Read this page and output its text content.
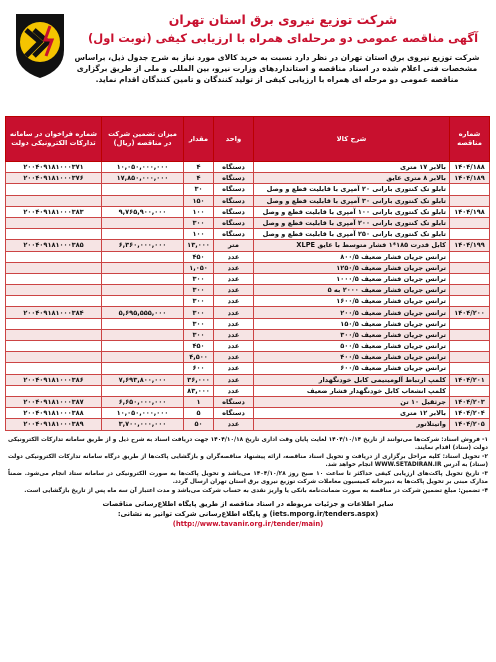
شرکت توزیع نیروی برق استان تهران
آگهی مناقصه عمومی دو مرحله‌ای همراه با ارزیابی کیفی (نوبت اول)
شرکت توزیع نیروی برق استان تهران در نظر دارد نسبت به خرید کالای مورد نیاز به شرح جدول ذیل، براساس مشخصات فنی اعلام شده در اسناد مناقصه و استانداردهای وزارت نیرو، بین المللی و ملی از طریق برگزاری مناقصه عمومی دو مرحله ای همراه با ارزیابی کیفی از تولید کنندگان و تامین کنندگان اقدام نماید.
شماره مناقصه	شرح کالا	واحد	مقدار	میزان تضمین شرکت در مناقصه (ریال)	شماره فراخوان در سامانه تدارکات الکترونیکی دولت
۱۴۰۴/۱۸۸	بالابر ۱۷ متری	دستگاه	۴	۱۰,۰۵۰,۰۰۰,۰۰۰	۲۰۰۴۰۹۱۸۱۰۰۰۳۷۱
۱۴۰۴/۱۸۹	بالابر ۸ متری عایق	دستگاه	۴	۱۷,۸۵۰,۰۰۰,۰۰۰	۲۰۰۴۰۹۱۸۱۰۰۰۳۷۶
	تابلو تک کنتوری بارانی ۲۰ آمپری با قابلیت قطع و وصل	دستگاه	۳۰		
	تابلو تک کنتوری بارانی ۳۰ آمپری با قابلیت قطع و وصل	دستگاه	۱۵۰		
۱۴۰۴/۱۹۸	تابلو تک کنتوری بارانی ۱۰۰ آمپری با قابلیت قطع و وصل	دستگاه	۱۰۰	۹,۷۶۵,۹۰۰,۰۰۰	۲۰۰۴۰۹۱۸۱۰۰۰۳۸۳
	تابلو تک کنتوری بارانی ۲۰۰ آمپری با قابلیت قطع و وصل	دستگاه	۳۰۰		
	تابلو تک کنتوری بارانی ۲۵۰ آمپری با قابلیت قطع و وصل	دستگاه	۱۰۰		
۱۴۰۴/۱۹۹	کابل قدرت ۱۸۵*۱ فشار متوسط با عایق XLPE	متر	۱۳,۰۰۰	۶,۳۶۰,۰۰۰,۰۰۰	۲۰۰۴۰۹۱۸۱۰۰۰۳۸۵
	ترانس جریان فشار ضعیف ۸۰۰/۵	عدد	۴۵۰		
	ترانس جریان فشار ضعیف ۱۲۵۰/۵	عدد	۱,۰۵۰		
	ترانس جریان فشار ضعیف ۱۰۰۰/۵	عدد	۳۰۰		
	ترانس جریان فشار ضعیف ۲۰۰۰ به ۵	عدد	۳۰۰		
	ترانس جریان فشار ضعیف ۱۶۰۰/۵	عدد	۳۰۰		
۱۴۰۴/۲۰۰	ترانس جریان فشار ضعیف ۲۰۰/۵	عدد	۳۰۰	۵,۶۹۵,۵۵۵,۰۰۰	۲۰۰۴۰۹۱۸۱۰۰۰۳۸۴
	ترانس جریان فشار ضعیف ۱۵۰/۵	عدد	۳۰۰		
	ترانس جریان فشار ضعیف ۳۰۰/۵	عدد	۳۰۰		
	ترانس جریان فشار ضعیف ۵۰۰/۵	عدد	۴۵۰		
	ترانس جریان فشار ضعیف ۴۰۰/۵	عدد	۴,۵۰۰		
	ترانس جریان فشار ضعیف ۶۰۰/۵	عدد	۶۰۰		
۱۴۰۴/۲۰۱	کلمپ ارتباط آلومینیمی کابل خودنگهدار	عدد	۳۶,۰۰۰	۷,۶۹۳,۸۰۰,۰۰۰	۲۰۰۴۰۹۱۸۱۰۰۰۳۸۶
	کلمپ انشعاب کابل خودنگهدار فشار ضعیف	عدد	۸۳,۰۰۰		
۱۴۰۴/۲۰۳	جرثقیل ۱۰ تن	دستگاه	۱	۶,۶۵۰,۰۰۰,۰۰۰	۲۰۰۴۰۹۱۸۱۰۰۰۳۸۷
۱۴۰۴/۲۰۴	بالابر ۱۲ متری	دستگاه	۵	۱۰,۰۵۰,۰۰۰,۰۰۰	۲۰۰۴۰۹۱۸۱۰۰۰۳۸۸
۱۴۰۴/۲۰۵	واتیتلاتور	عدد	۵۰	۳,۷۰۰,۰۰۰,۰۰۰	۲۰۰۴۰۹۱۸۱۰۰۰۳۸۹
۱- فروش اسناد: شرکت‌ها می‌توانند از تاریخ ۱۴۰۴/۱۰/۱۴ لغایت پایان وقت اداری تاریخ ۱۴۰۴/۱۰/۱۸ جهت دریافت اسناد به شرح ذیل و از طریق سامانه تدارکات الکترونیکی دولت (ستاد) اقدام نمایند.
۲- تحویل اسناد: کلیه مراحل برگزاری از دریافت و تحویل اسناد مناقصه، ارائه پیشنهاد مناقصه‌گران و بازگشایی پاکت‌ها از طریق درگاه سامانه تدارکات الکترونیکی دولت (ستاد) به آدرس WWW.SETADIRAN.IR انجام خواهد شد.
۳- تاریخ تحویل پاکت‌های ارزیابی کیفی حداکثر تا ساعت ۱۰ صبح روز ۱۴۰۴/۱۰/۲۸ می‌باشد و تحویل پاکت‌ها به صورت الکترونیکی در سامانه ستاد انجام می‌شود. ضمناً مدارک مبنی بر تحویل پاکت‌ها به دبیرخانه کمیسیون معاملات شرکت توزیع نیروی برق استان تهران ارسال گردد.
۴- تضمین: مبلغ تضمین شرکت در مناقصه به صورت ضمانت‌نامه بانکی یا واریز نقدی به حساب شرکت می‌باشد و مدت اعتبار آن سه ماه پس از تاریخ بازگشایی است.
سایر اطلاعات و جزئیات مربوطه در اسناد مناقصه از طریق پایگاه اطلاع‌رسانی مناقصات
(iets.mporg.ir/tenders.aspx) و پایگاه اطلاع‌رسانی شرکت توانیر به نشانی:
(http://www.tavanir.org.ir/tender/main)
